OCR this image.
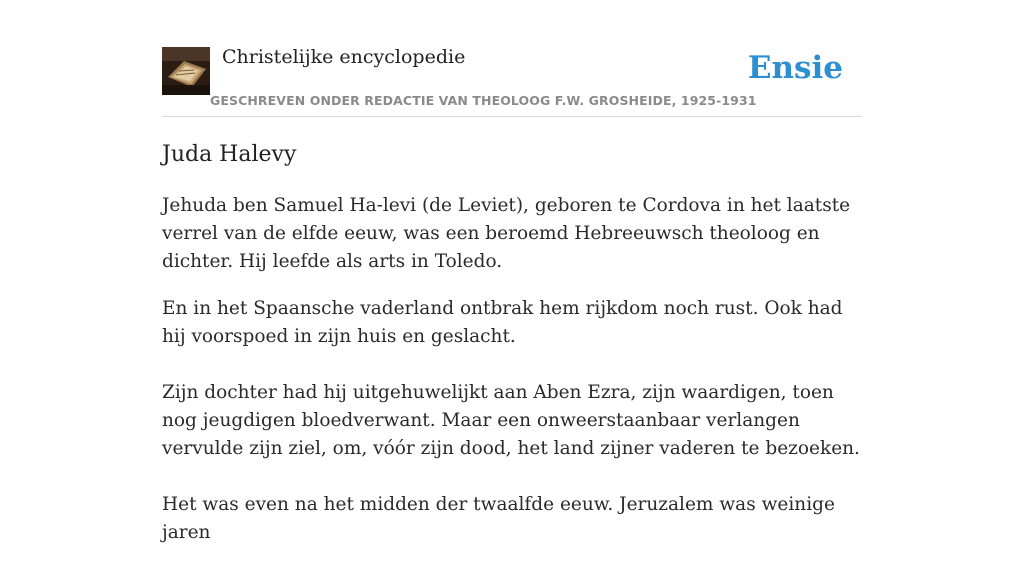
Christelijke encyclopedie
GESCHREVEN ONDER REDACTIE VAN THEOLOOG F.W. GROSHEIDE, 1925-1931
Ensie
Juda Halevy

Jehuda ben Samuel Ha-levi (de Leviet), geboren te Cordova in het laatste verrel van de elfde eeuw, was een beroemd Hebreeuwsch theoloog en dichter. Hij leefde als arts in Toledo.

En in het Spaansche vaderland ontbrak hem rijkdom noch rust. Ook had hij voorspoed in zijn huis en geslacht.

Zijn dochter had hij uitgehuwelijkt aan Aben Ezra, zijn waardigen, toen nog jeugdigen bloedverwant. Maar een onweerstaanbaar verlangen vervulde zijn ziel, om, vóór zijn dood, het land zijner vaderen te bezoeken.

Het was even na het midden der twaalfde eeuw. Jeruzalem was weinige jaren
